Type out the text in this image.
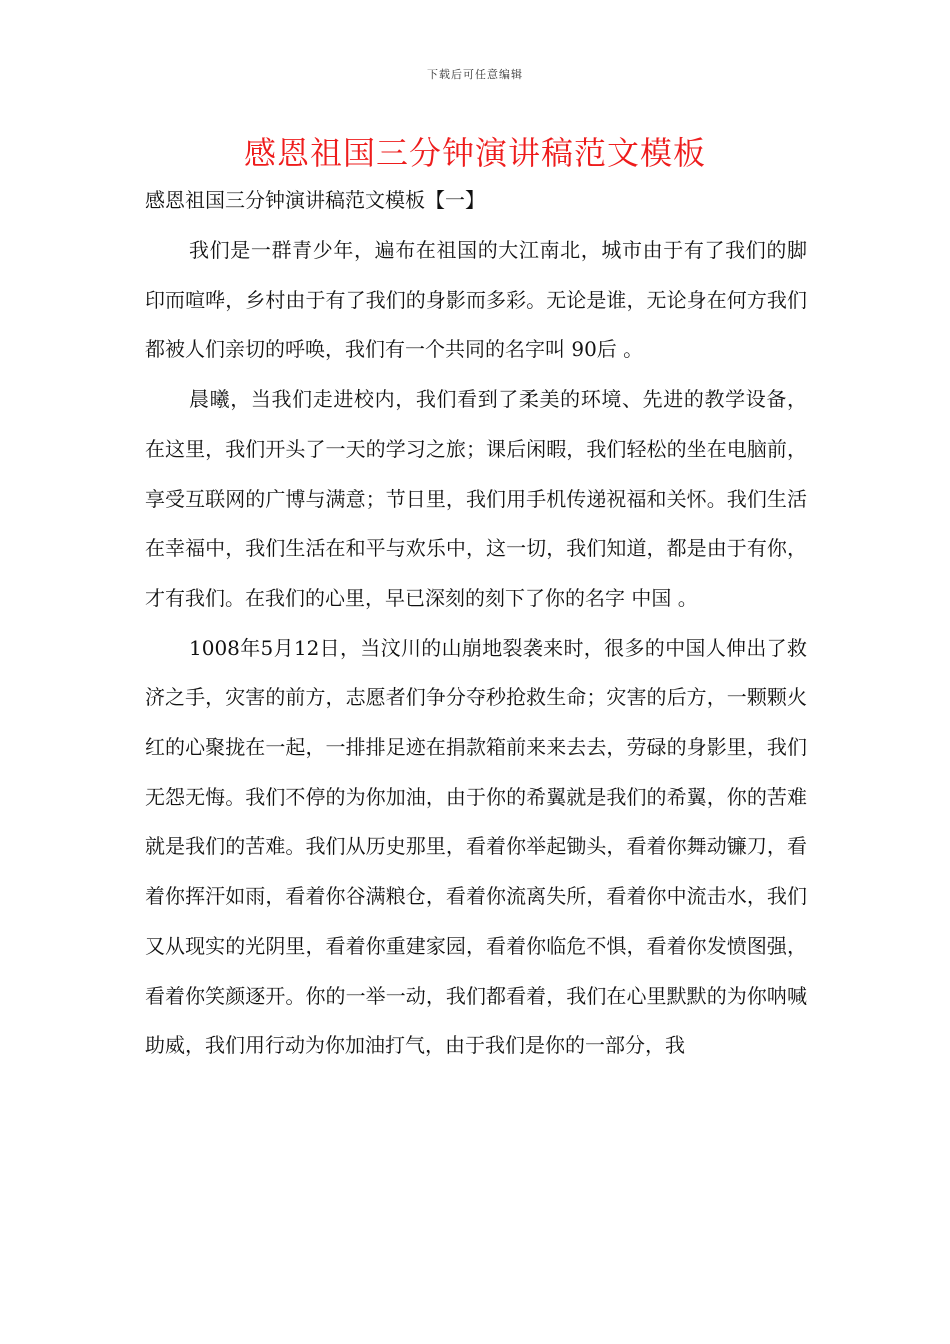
下载后可任意编辑
感恩祖国三分钟演讲稿范文模板
感恩祖国三分钟演讲稿范文模板【一】

我们是一群青少年，遍布在祖国的大江南北，城市由于有了我们的脚印而喧哗，乡村由于有了我们的身影而多彩。无论是谁，无论身在何方我们都被人们亲切的呼唤，我们有一个共同的名字叫 90后 。

晨曦，当我们走进校内，我们看到了柔美的环境、先进的教学设备，在这里，我们开头了一天的学习之旅；课后闲暇，我们轻松的坐在电脑前，享受互联网的广博与满意；节日里，我们用手机传递祝福和关怀。我们生活在幸福中，我们生活在和平与欢乐中，这一切，我们知道，都是由于有你，才有我们。在我们的心里，早已深刻的刻下了你的名字 中国 。

1008年5月12日，当汶川的山崩地裂袭来时，很多的中国人伸出了救济之手，灾害的前方，志愿者们争分夺秒抢救生命；灾害的后方，一颗颗火红的心聚拢在一起，一排排足迹在捐款箱前来来去去，劳碌的身影里，我们无怨无悔。我们不停的为你加油，由于你的希翼就是我们的希翼，你的苦难就是我们的苦难。我们从历史那里，看着你举起锄头，看着你舞动镰刀，看着你挥汗如雨，看着你谷满粮仓，看着你流离失所，看着你中流击水，我们又从现实的光阴里，看着你重建家园，看着你临危不惧，看着你发愤图强，看着你笑颜逐开。你的一举一动，我们都看着，我们在心里默默的为你呐喊助威，我们用行动为你加油打气，由于我们是你的一部分，我
